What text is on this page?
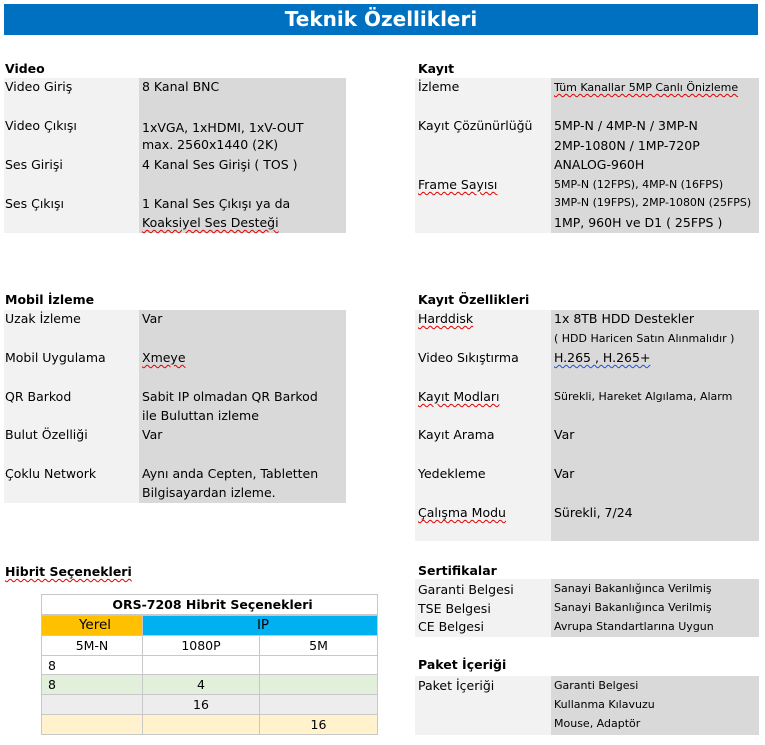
Teknik Özellikleri
Video
Video Giriş	8 Kanal BNC
Video Çıkışı	1xVGA, 1xHDMI, 1xV-OUT
max. 2560x1440 (2K)
Ses Girişi	4 Kanal Ses Girişi ( TOS )
Ses Çıkışı	1 Kanal Ses Çıkışı ya da
Koaksiyel Ses Desteği
Kayıt
İzleme	Tüm Kanallar 5MP Canlı Önizleme
Kayıt Çözünürlüğü 5MP-N / 4MP-N / 3MP-N
2MP-1080N / 1MP-720P
ANALOG-960H
Frame Sayısı	5MP-N (12FPS), 4MP-N (16FPS)
3MP-N (19FPS), 2MP-1080N (25FPS)
1MP, 960H ve D1 ( 25FPS )
Mobil İzleme
Uzak İzleme	Var
Mobil Uygulama	Xmeye
QR Barkod	Sabit IP olmadan QR Barkod
ile Buluttan izleme
Bulut Özelliği	Var
Çoklu Network	Aynı anda Cepten, Tabletten
Bilgisayardan izleme.
Kayıt Özellikleri
Harddisk	1x 8TB HDD Destekler
( HDD Haricen Satın Alınmalıdır )
Video Sıkıştırma	H.265 , H.265+
Kayıt Modları	Sürekli, Hareket Algılama, Alarm
Kayıt Arama	Var
Yedekleme	Var
Çalışma Modu	Sürekli, 7/24
Hibrit Seçenekleri
ORS-7208 Hibrit Seçenekleri		
Yerel	IP	
5M-N	1080P	5M
8		
8	4	
	16	
		16
Sertifikalar
Garanti Belgesi	Sanayi Bakanlığınca Verilmiş
TSE Belgesi	Sanayi Bakanlığınca Verilmiş
CE Belgesi	Avrupa Standartlarına Uygun
Paket İçeriği
Paket İçeriği	Garanti Belgesi
Kullanma Kılavuzu
Mouse, Adaptör
